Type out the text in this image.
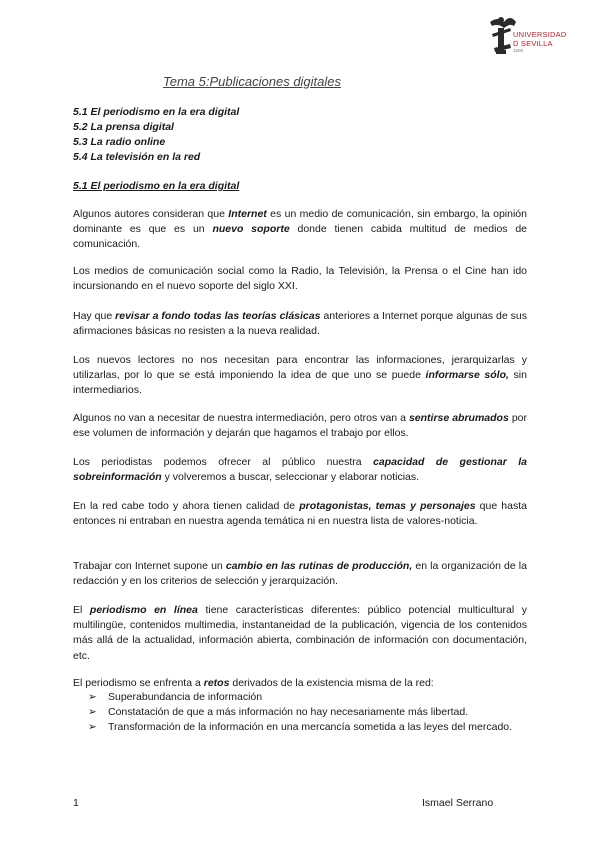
UNIVERSIDAD
D SEVILLA
1505
Tema 5:Publicaciones digitales
5.1 El periodismo en la era digital
5.2 La prensa digital
5.3 La radio online
5.4 La televisión en la red
5.1 El periodismo en la era digital
Algunos autores consideran que Internet es un medio de comunicación, sin embargo, la opinión dominante es que es un nuevo soporte donde tienen cabida multitud de medios de comunicación.
Los medios de comunicación social como la Radio, la Televisión, la Prensa o el Cine han ido incursionando en el nuevo soporte del siglo XXI.
Hay que revisar a fondo todas las teorías clásicas anteriores a Internet porque algunas de sus afirmaciones básicas no resisten a la nueva realidad.
Los nuevos lectores no nos necesitan para encontrar las informaciones, jerarquizarlas y utilizarlas, por lo que se está imponiendo la idea de que uno se puede informarse sólo, sin intermediarios.
Algunos no van a necesitar de nuestra intermediación, pero otros van a sentirse abrumados por ese volumen de información y dejarán que hagamos el trabajo por ellos.
Los periodistas podemos ofrecer al público nuestra capacidad de gestionar la sobreinformación y volveremos a buscar, seleccionar y elaborar noticias.
En la red cabe todo y ahora tienen calidad de protagonistas, temas y personajes que hasta entonces ni entraban en nuestra agenda temática ni en nuestra lista de valores-noticia.
Trabajar con Internet supone un cambio en las rutinas de producción, en la organización de la redacción y en los criterios de selección y jerarquización.
El periodismo en línea tiene características diferentes: público potencial multicultural y multilingüe, contenidos multimedia, instantaneidad de la publicación, vigencia de los contenidos más allá de la actualidad, información abierta, combinación de información con documentación, etc.
El periodismo se enfrenta a retos derivados de la existencia misma de la red:
➢ Superabundancia de información
➢ Constatación de que a más información no hay necesariamente más libertad.
➢ Transformación de la información en una mercancía sometida a las leyes del mercado.
1	Ismael Serrano
